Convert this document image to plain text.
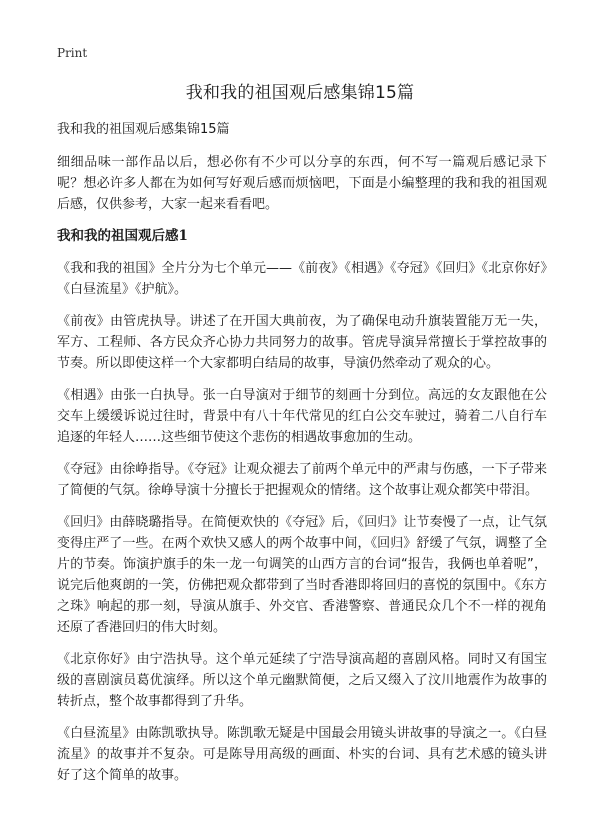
Print
我和我的祖国观后感集锦15篇

我和我的祖国观后感集锦15篇

细细品味一部作品以后，想必你有不少可以分享的东西，何不写一篇观后感记录下呢？想必许多人都在为如何写好观后感而烦恼吧，下面是小编整理的我和我的祖国观后感，仅供参考，大家一起来看看吧。

我和我的祖国观后感1

《我和我的祖国》全片分为七个单元——《前夜》《相遇》《夺冠》《回归》《北京你好》《白昼流星》《护航》。

《前夜》由管虎执导。讲述了在开国大典前夜，为了确保电动升旗装置能万无一失，军方、工程师、各方民众齐心协力共同努力的故事。管虎导演异常擅长于掌控故事的节奏。所以即使这样一个大家都明白结局的故事，导演仍然牵动了观众的心。

《相遇》由张一白执导。张一白导演对于细节的刻画十分到位。高远的女友跟他在公交车上缓缓诉说过往时，背景中有八十年代常见的红白公交车驶过，骑着二八自行车追逐的年轻人……这些细节使这个悲伤的相遇故事愈加的生动。

《夺冠》由徐峥指导。《夺冠》让观众褪去了前两个单元中的严肃与伤感，一下子带来了简便的气氛。徐峥导演十分擅长于把握观众的情绪。这个故事让观众都笑中带泪。

《回归》由薛晓璐指导。在简便欢快的《夺冠》后，《回归》让节奏慢了一点，让气氛变得庄严了一些。在两个欢快又感人的两个故事中间，《回归》舒缓了气氛，调整了全片的节奏。饰演护旗手的朱一龙一句调笑的山西方言的台词“报告，我俩也单着呢”，说完后他爽朗的一笑，仿佛把观众都带到了当时香港即将回归的喜悦的氛围中。《东方之珠》响起的那一刻，导演从旗手、外交官、香港警察、普通民众几个不一样的视角还原了香港回归的伟大时刻。

《北京你好》由宁浩执导。这个单元延续了宁浩导演高超的喜剧风格。同时又有国宝级的喜剧演员葛优演绎。所以这个单元幽默简便，之后又缀入了汶川地震作为故事的转折点，整个故事都得到了升华。

《白昼流星》由陈凯歌执导。陈凯歌无疑是中国最会用镜头讲故事的导演之一。《白昼流星》的故事并不复杂。可是陈导用高级的画面、朴实的台词、具有艺术感的镜头讲好了这个简单的故事。
